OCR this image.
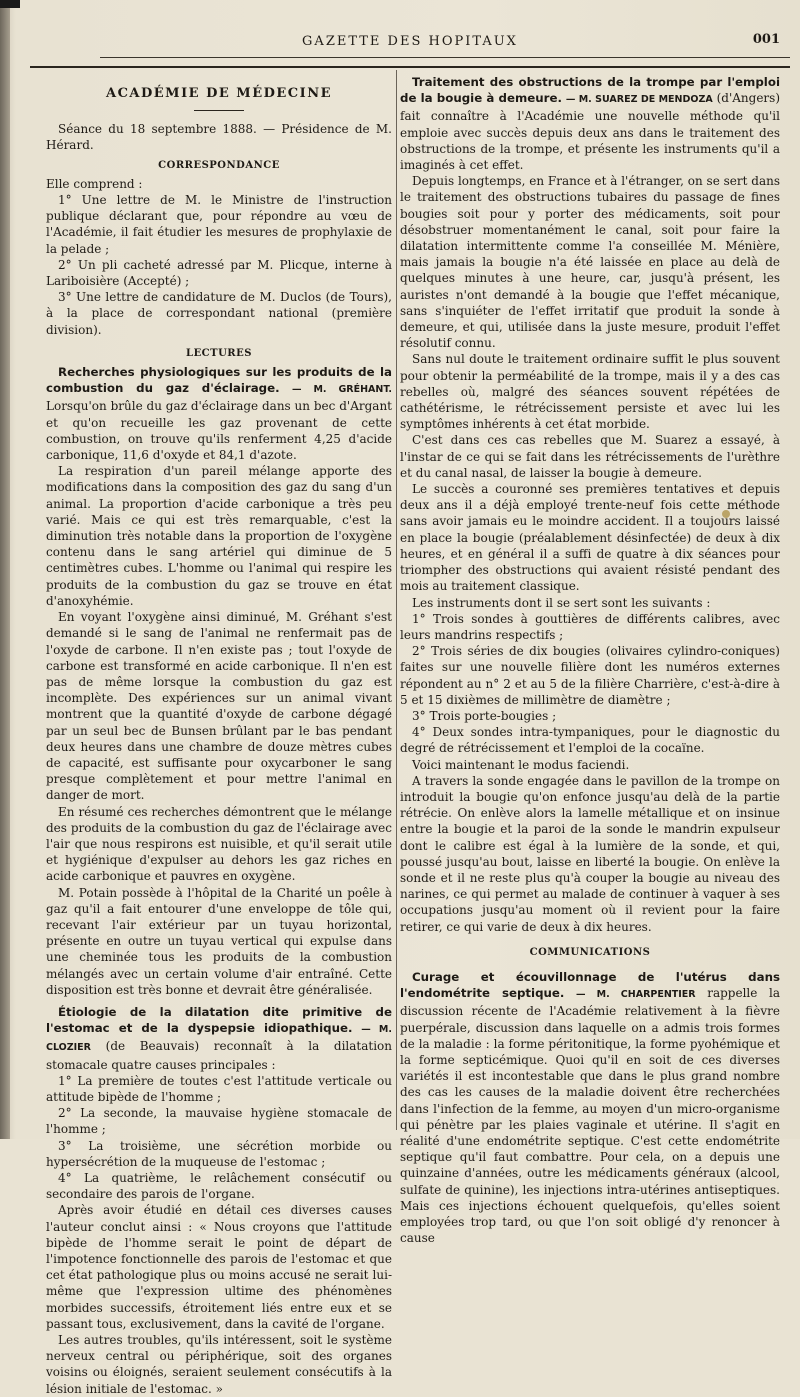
GAZETTE DES HOPITAUX	001
ACADÉMIE DE MÉDECINE

Séance du 18 septembre 1888. — Présidence de M. Hérard.

CORRESPONDANCE

Elle comprend :

1° Une lettre de M. le Ministre de l'instruction publique déclarant que, pour répondre au vœu de l'Académie, il fait étudier les mesures de prophylaxie de la pelade ;

2° Un pli cacheté adressé par M. Plicque, interne à Lariboisière (Accepté) ;

3° Une lettre de candidature de M. Duclos (de Tours), à la place de correspondant national (première division).

LECTURES

Recherches physiologiques sur les produits de la combustion du gaz d'éclairage. — M. GRÉHANT. Lorsqu'on brûle du gaz d'éclairage dans un bec d'Argant et qu'on recueille les gaz provenant de cette combustion, on trouve qu'ils renferment 4,25 d'acide carbonique, 11,6 d'oxyde et 84,1 d'azote.

La respiration d'un pareil mélange apporte des modifications dans la composition des gaz du sang d'un animal. La proportion d'acide carbonique a très peu varié. Mais ce qui est très remarquable, c'est la diminution très notable dans la proportion de l'oxygène contenu dans le sang artériel qui diminue de 5 centimètres cubes. L'homme ou l'animal qui respire les produits de la combustion du gaz se trouve en état d'anoxyhémie.

En voyant l'oxygène ainsi diminué, M. Gréhant s'est demandé si le sang de l'animal ne renfermait pas de l'oxyde de carbone. Il n'en existe pas ; tout l'oxyde de carbone est transformé en acide carbonique. Il n'en est pas de même lorsque la combustion du gaz est incomplète. Des expériences sur un animal vivant montrent que la quantité d'oxyde de carbone dégagé par un seul bec de Bunsen brûlant par le bas pendant deux heures dans une chambre de douze mètres cubes de capacité, est suffisante pour oxycarboner le sang presque complètement et pour mettre l'animal en danger de mort.

En résumé ces recherches démontrent que le mélange des produits de la combustion du gaz de l'éclairage avec l'air que nous respirons est nuisible, et qu'il serait utile et hygiénique d'expulser au dehors les gaz riches en acide carbonique et pauvres en oxygène.

M. Potain possède à l'hôpital de la Charité un poêle à gaz qu'il a fait entourer d'une enveloppe de tôle qui, recevant l'air extérieur par un tuyau horizontal, présente en outre un tuyau vertical qui expulse dans une cheminée tous les produits de la combustion mélangés avec un certain volume d'air entraîné. Cette disposition est très bonne et devrait être généralisée.

Étiologie de la dilatation dite primitive de l'estomac et de la dyspepsie idiopathique. — M. CLOZIER (de Beauvais) reconnaît à la dilatation stomacale quatre causes principales :

1° La première de toutes c'est l'attitude verticale ou attitude bipède de l'homme ;

2° La seconde, la mauvaise hygiène stomacale de l'homme ;

3° La troisième, une sécrétion morbide ou hypersécrétion de la muqueuse de l'estomac ;

4° La quatrième, le relâchement consécutif ou secondaire des parois de l'organe.

Après avoir étudié en détail ces diverses causes l'auteur conclut ainsi : « Nous croyons que l'attitude bipède de l'homme serait le point de départ de l'impotence fonctionnelle des parois de l'estomac et que cet état pathologique plus ou moins accusé ne serait lui-même que l'expression ultime des phénomènes morbides successifs, étroitement liés entre eux et se passant tous, exclusivement, dans la cavité de l'organe.

Les autres troubles, qu'ils intéressent, soit le système nerveux central ou périphérique, soit des organes voisins ou éloignés, seraient seulement consécutifs à la lésion initiale de l'estomac. »

Traitement des obstructions de la trompe par l'emploi de la bougie à demeure. — M. SUAREZ DE MENDOZA (d'Angers) fait connaître à l'Académie une nouvelle méthode qu'il emploie avec succès depuis deux ans dans le traitement des obstructions de la trompe, et présente les instruments qu'il a imaginés à cet effet.

Depuis longtemps, en France et à l'étranger, on se sert dans le traitement des obstructions tubaires du passage de fines bougies soit pour y porter des médicaments, soit pour désobstruer momentanément le canal, soit pour faire la dilatation intermittente comme l'a conseillée M. Ménière, mais jamais la bougie n'a été laissée en place au delà de quelques minutes à une heure, car, jusqu'à présent, les auristes n'ont demandé à la bougie que l'effet mécanique, sans s'inquiéter de l'effet irritatif que produit la sonde à demeure, et qui, utilisée dans la juste mesure, produit l'effet résolutif connu.

Sans nul doute le traitement ordinaire suffit le plus souvent pour obtenir la perméabilité de la trompe, mais il y a des cas rebelles où, malgré des séances souvent répétées de cathétérisme, le rétrécissement persiste et avec lui les symptômes inhérents à cet état morbide.

C'est dans ces cas rebelles que M. Suarez a essayé, à l'instar de ce qui se fait dans les rétrécissements de l'urèthre et du canal nasal, de laisser la bougie à demeure.

Le succès a couronné ses premières tentatives et depuis deux ans il a déjà employé trente-neuf fois cette méthode sans avoir jamais eu le moindre accident. Il a toujours laissé en place la bougie (préalablement désinfectée) de deux à dix heures, et en général il a suffi de quatre à dix séances pour triompher des obstructions qui avaient résisté pendant des mois au traitement classique.

Les instruments dont il se sert sont les suivants :

1° Trois sondes à gouttières de différents calibres, avec leurs mandrins respectifs ;

2° Trois séries de dix bougies (olivaires cylindro-coniques) faites sur une nouvelle filière dont les numéros externes répondent au n° 2 et au 5 de la filière Charrière, c'est-à-dire à 5 et 15 dixièmes de millimètre de diamètre ;

3° Trois porte-bougies ;

4° Deux sondes intra-tympaniques, pour le diagnostic du degré de rétrécissement et l'emploi de la cocaïne.

Voici maintenant le modus faciendi.

A travers la sonde engagée dans le pavillon de la trompe on introduit la bougie qu'on enfonce jusqu'au delà de la partie rétrécie. On enlève alors la lamelle métallique et on insinue entre la bougie et la paroi de la sonde le mandrin expulseur dont le calibre est égal à la lumière de la sonde, et qui, poussé jusqu'au bout, laisse en liberté la bougie. On enlève la sonde et il ne reste plus qu'à couper la bougie au niveau des narines, ce qui permet au malade de continuer à vaquer à ses occupations jusqu'au moment où il revient pour la faire retirer, ce qui varie de deux à dix heures.

COMMUNICATIONS

Curage et écouvillonnage de l'utérus dans l'endométrite septique. — M. CHARPENTIER rappelle la discussion récente de l'Académie relativement à la fièvre puerpérale, discussion dans laquelle on a admis trois formes de la maladie : la forme péritonitique, la forme pyohémique et la forme septicémique. Quoi qu'il en soit de ces diverses variétés il est incontestable que dans le plus grand nombre des cas les causes de la maladie doivent être recherchées dans l'infection de la femme, au moyen d'un micro-organisme qui pénètre par les plaies vaginale et utérine. Il s'agit en réalité d'une endométrite septique. C'est cette endométrite septique qu'il faut combattre. Pour cela, on a depuis une quinzaine d'années, outre les médicaments généraux (alcool, sulfate de quinine), les injections intra-utérines antiseptiques. Mais ces injections échouent quelquefois, qu'elles soient employées trop tard, ou que l'on soit obligé d'y renoncer à cause
